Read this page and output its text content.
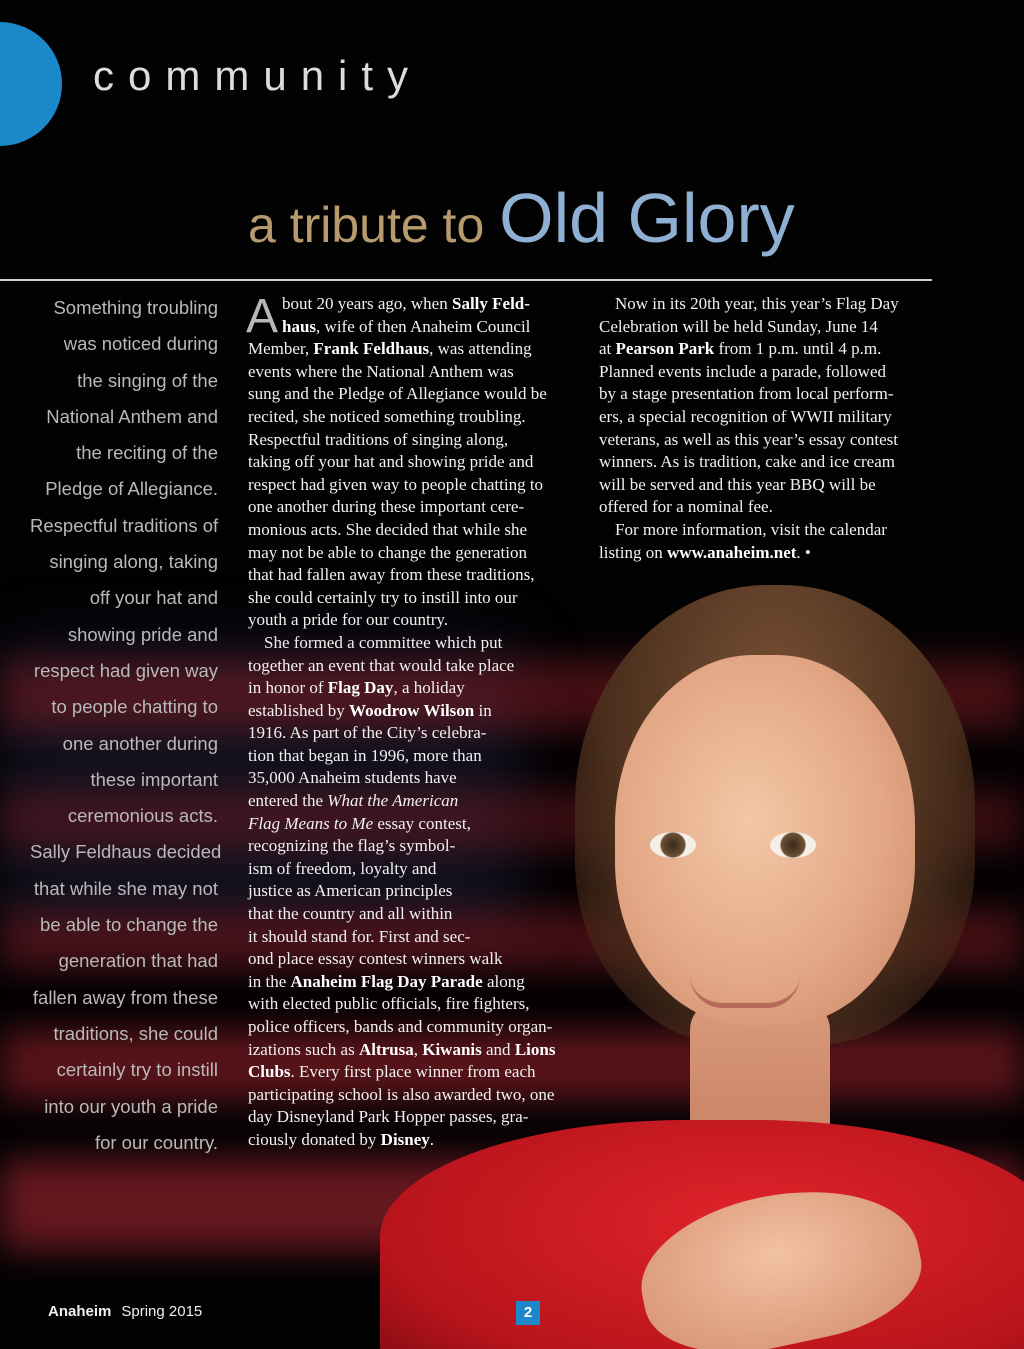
community
a tribute to Old Glory
Something troubling
was noticed during
the singing of the
National Anthem and
the reciting of the
Pledge of Allegiance.
Respectful traditions of
singing along, taking
off your hat and
showing pride and
respect had given way
to people chatting to
one another during
these important
ceremonious acts.
Sally Feldhaus decided
that while she may not
be able to change the
generation that had
fallen away from these
traditions, she could
certainly try to instill
into our youth a pride
for our country.

A bout 20 years ago, when Sally Feld-
haus, wife of then Anaheim Council
Member, Frank Feldhaus, was attending
events where the National Anthem was
sung and the Pledge of Allegiance would be
recited, she noticed something troubling.
Respectful traditions of singing along,
taking off your hat and showing pride and
respect had given way to people chatting to
one another during these important cere-
monious acts. She decided that while she
may not be able to change the generation
that had fallen away from these traditions,
she could certainly try to instill into our
youth a pride for our country.

She formed a committee which put
together an event that would take place
in honor of Flag Day, a holiday
established by Woodrow Wilson in
1916. As part of the City’s celebra-
tion that began in 1996, more than
35,000 Anaheim students have
entered the What the American
Flag Means to Me essay contest,
recognizing the flag’s symbol-
ism of freedom, loyalty and
justice as American principles
that the country and all within
it should stand for. First and sec-
ond place essay contest winners walk
in the Anaheim Flag Day Parade along
with elected public officials, fire fighters,
police officers, bands and community organ-
izations such as Altrusa, Kiwanis and Lions
Clubs. Every first place winner from each
participating school is also awarded two, one
day Disneyland Park Hopper passes, gra-
ciously donated by Disney.

Now in its 20th year, this year’s Flag Day
Celebration will be held Sunday, June 14
at Pearson Park from 1 p.m. until 4 p.m.
Planned events include a parade, followed
by a stage presentation from local perform-
ers, a special recognition of WWII military
veterans, as well as this year’s essay contest
winners. As is tradition, cake and ice cream
will be served and this year BBQ will be
offered for a nominal fee.

For more information, visit the calendar
listing on www.anaheim.net. •

Anaheim Spring 2015	2
